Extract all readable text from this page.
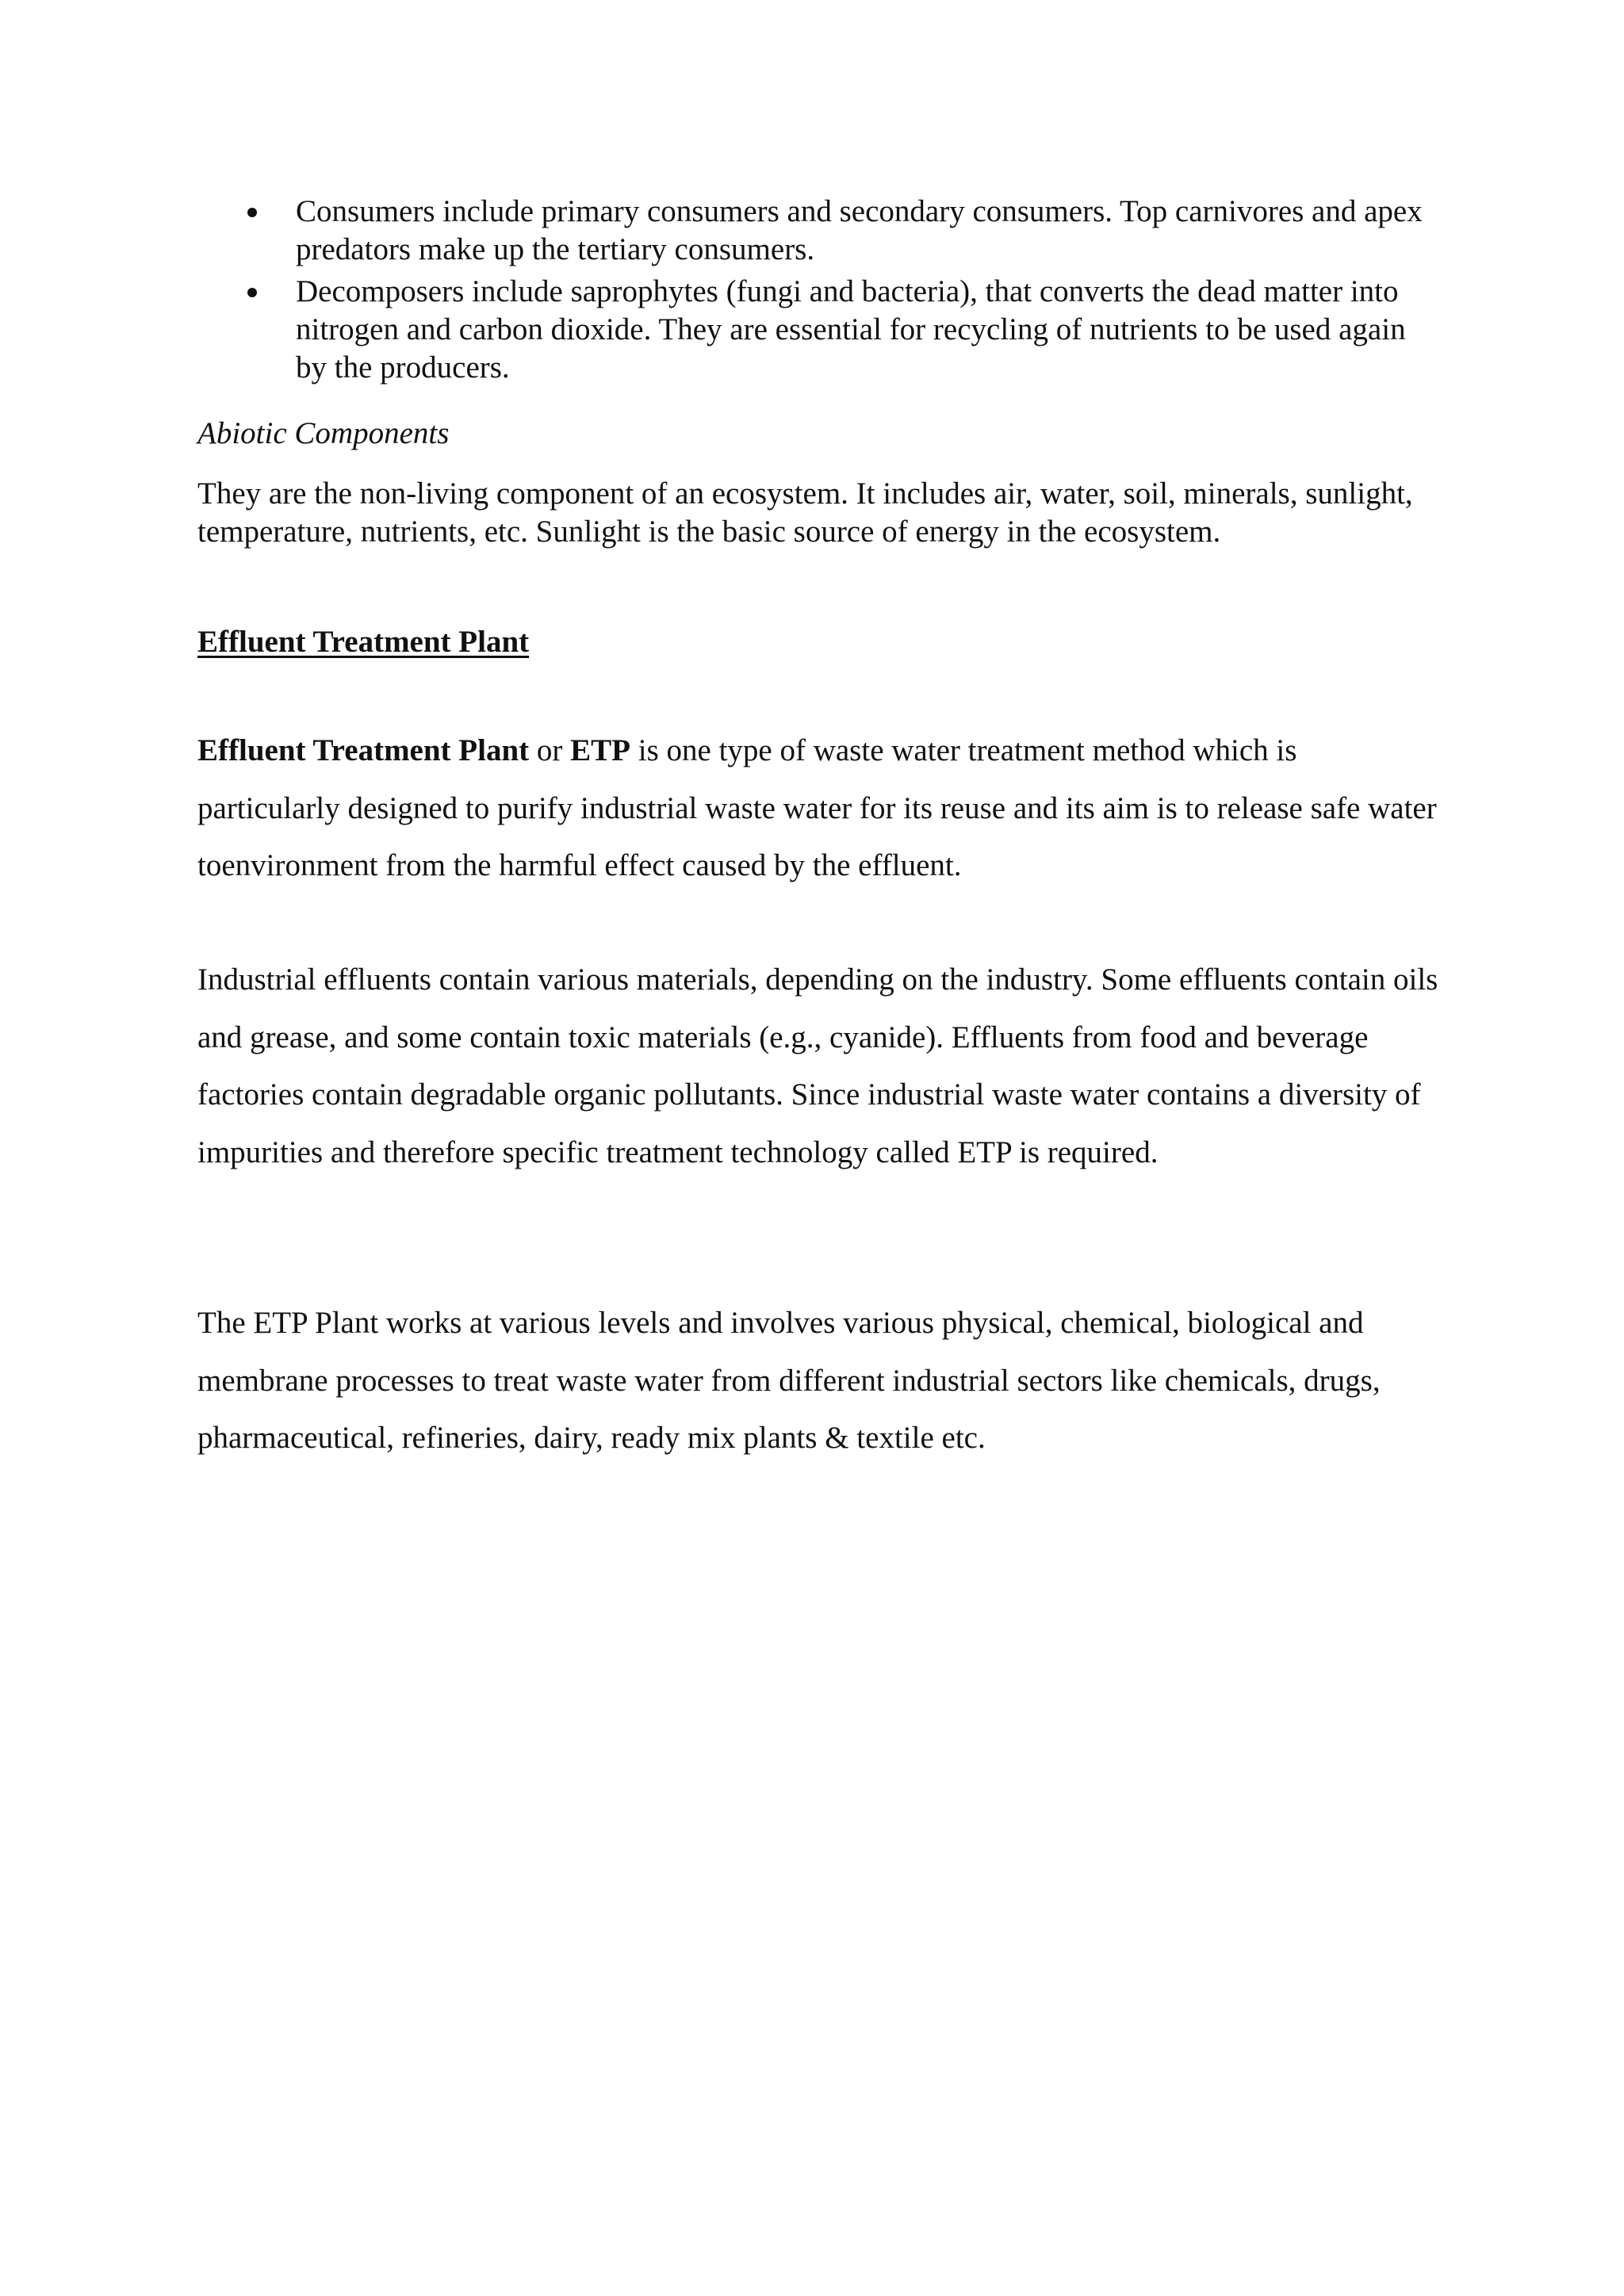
Consumers include primary consumers and secondary consumers. Top carnivores and apex predators make up the tertiary consumers.
Decomposers include saprophytes (fungi and bacteria), that converts the dead matter into nitrogen and carbon dioxide. They are essential for recycling of nutrients to be used again by the producers.

Abiotic Components

They are the non-living component of an ecosystem. It includes air, water, soil, minerals, sunlight, temperature, nutrients, etc. Sunlight is the basic source of energy in the ecosystem.

Effluent Treatment Plant

Effluent Treatment Plant or ETP is one type of waste water treatment method which is particularly designed to purify industrial waste water for its reuse and its aim is to release safe water toenvironment from the harmful effect caused by the effluent.

Industrial effluents contain various materials, depending on the industry. Some effluents contain oils and grease, and some contain toxic materials (e.g., cyanide). Effluents from food and beverage factories contain degradable organic pollutants. Since industrial waste water contains a diversity of impurities and therefore specific treatment technology called ETP is required.

The ETP Plant works at various levels and involves various physical, chemical, biological and membrane processes to treat waste water from different industrial sectors like chemicals, drugs, pharmaceutical, refineries, dairy, ready mix plants & textile etc.
